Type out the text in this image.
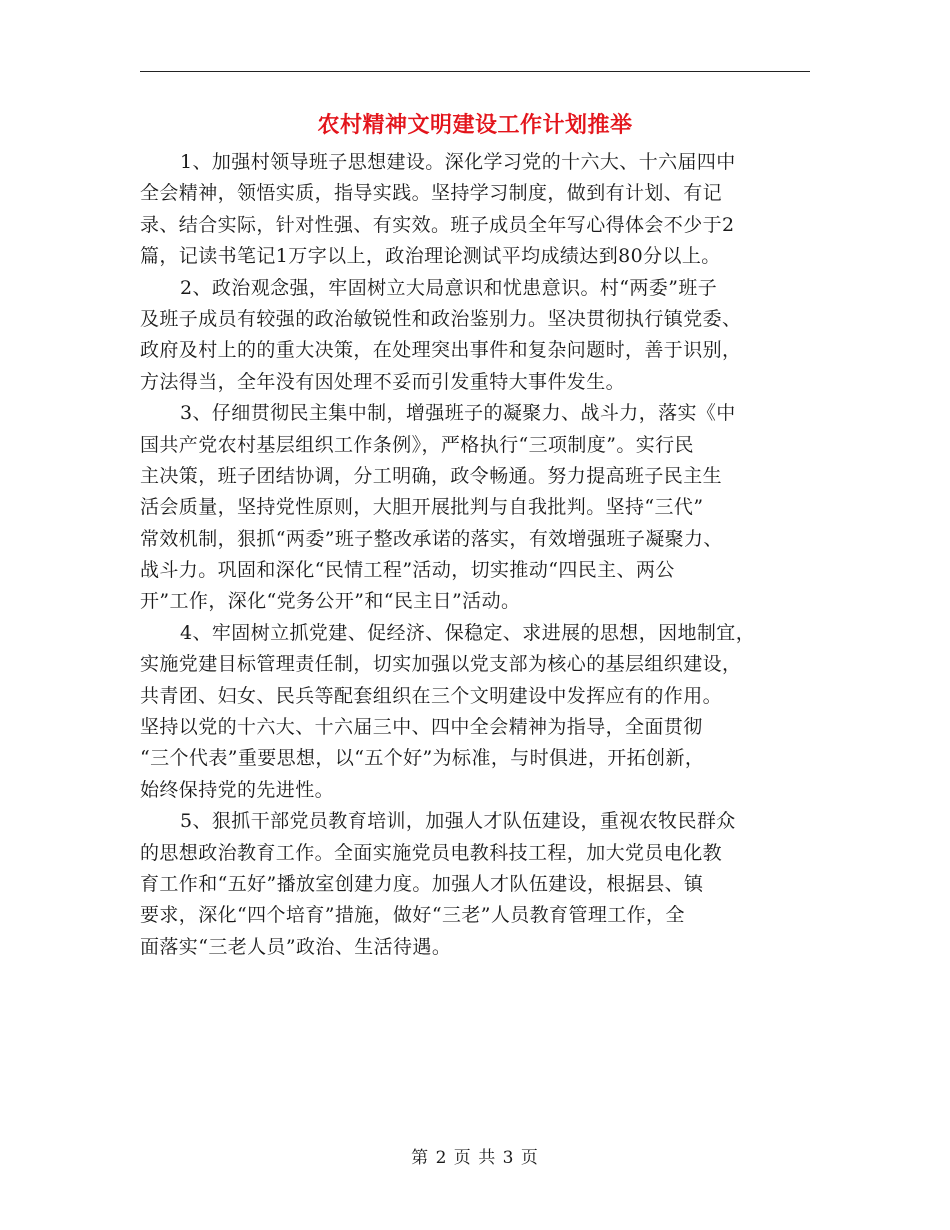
农村精神文明建设工作计划推举
1、加强村领导班子思想建设。深化学习党的十六大、十六届四中
全会精神，领悟实质，指导实践。坚持学习制度，做到有计划、有记
录、结合实际，针对性强、有实效。班子成员全年写心得体会不少于2
篇，记读书笔记1万字以上，政治理论测试平均成绩达到80分以上。
2、政治观念强，牢固树立大局意识和忧患意识。村“两委”班子
及班子成员有较强的政治敏锐性和政治鉴别力。坚决贯彻执行镇党委、
政府及村上的的重大决策，在处理突出事件和复杂问题时，善于识别，
方法得当，全年没有因处理不妥而引发重特大事件发生。
3、仔细贯彻民主集中制，增强班子的凝聚力、战斗力，落实《中
国共产党农村基层组织工作条例》，严格执行“三项制度”。实行民
主决策，班子团结协调，分工明确，政令畅通。努力提高班子民主生
活会质量，坚持党性原则，大胆开展批判与自我批判。坚持“三代”
常效机制，狠抓“两委”班子整改承诺的落实，有效增强班子凝聚力、
战斗力。巩固和深化“民情工程”活动，切实推动“四民主、两公
开”工作，深化“党务公开”和“民主日”活动。
4、牢固树立抓党建、促经济、保稳定、求进展的思想，因地制宜，
实施党建目标管理责任制，切实加强以党支部为核心的基层组织建设，
共青团、妇女、民兵等配套组织在三个文明建设中发挥应有的作用。
坚持以党的十六大、十六届三中、四中全会精神为指导，全面贯彻
“三个代表”重要思想，以“五个好”为标准，与时俱进，开拓创新，
始终保持党的先进性。
5、狠抓干部党员教育培训，加强人才队伍建设，重视农牧民群众
的思想政治教育工作。全面实施党员电教科技工程，加大党员电化教
育工作和“五好”播放室创建力度。加强人才队伍建设，根据县、镇
要求，深化“四个培育”措施，做好“三老”人员教育管理工作，全
面落实“三老人员”政治、生活待遇。
第 2 页 共 3 页
